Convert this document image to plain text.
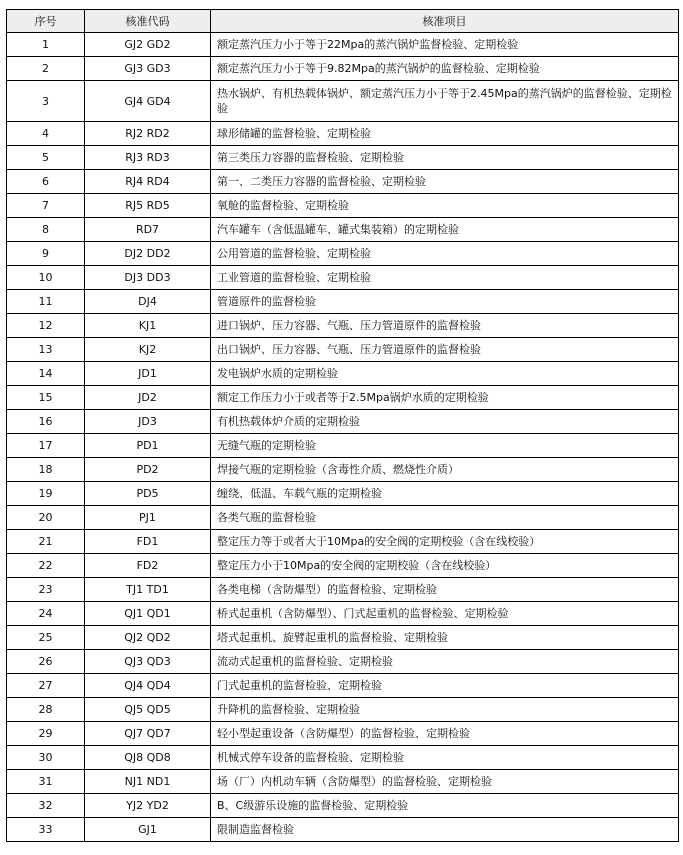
序号	核准代码	核准项目
1	GJ2 GD2	额定蒸汽压力小于等于22Mpa的蒸汽锅炉监督检验、定期检验
2	GJ3 GD3	额定蒸汽压力小于等于9.82Mpa的蒸汽锅炉的监督检验、定期检验
3	GJ4 GD4	热水锅炉、有机热载体锅炉、额定蒸汽压力小于等于2.45Mpa的蒸汽锅炉的监督检验、定期检验
4	RJ2 RD2	球形储罐的监督检验、定期检验
5	RJ3 RD3	第三类压力容器的监督检验、定期检验
6	RJ4 RD4	第一、二类压力容器的监督检验、定期检验
7	RJ5 RD5	氧舱的监督检验、定期检验
8	RD7	汽车罐车（含低温罐车、罐式集装箱）的定期检验
9	DJ2 DD2	公用管道的监督检验、定期检验
10	DJ3 DD3	工业管道的监督检验、定期检验
11	DJ4	管道原件的监督检验
12	KJ1	进口锅炉、压力容器、气瓶、压力管道原件的监督检验
13	KJ2	出口锅炉、压力容器、气瓶、压力管道原件的监督检验
14	JD1	发电锅炉水质的定期检验
15	JD2	额定工作压力小于或者等于2.5Mpa锅炉水质的定期检验
16	JD3	有机热载体炉介质的定期检验
17	PD1	无缝气瓶的定期检验
18	PD2	焊接气瓶的定期检验（含毒性介质、燃烧性介质）
19	PD5	缠绕、低温、车载气瓶的定期检验
20	PJ1	各类气瓶的监督检验
21	FD1	整定压力等于或者大于10Mpa的安全阀的定期校验（含在线校验）
22	FD2	整定压力小于10Mpa的安全阀的定期校验（含在线校验）
23	TJ1 TD1	各类电梯（含防爆型）的监督检验、定期检验
24	QJ1 QD1	桥式起重机（含防爆型）、门式起重机的监督检验、定期检验
25	QJ2 QD2	塔式起重机、旋臂起重机的监督检验、定期检验
26	QJ3 QD3	流动式起重机的监督检验、定期检验
27	QJ4 QD4	门式起重机的监督检验、定期检验
28	QJ5 QD5	升降机的监督检验、定期检验
29	QJ7 QD7	轻小型起重设备（含防爆型）的监督检验、定期检验
30	QJ8 QD8	机械式停车设备的监督检验、定期检验
31	NJ1 ND1	场（厂）内机动车辆（含防爆型）的监督检验、定期检验
32	YJ2 YD2	B、C级游乐设施的监督检验、定期检验
33	GJ1	限制造监督检验
